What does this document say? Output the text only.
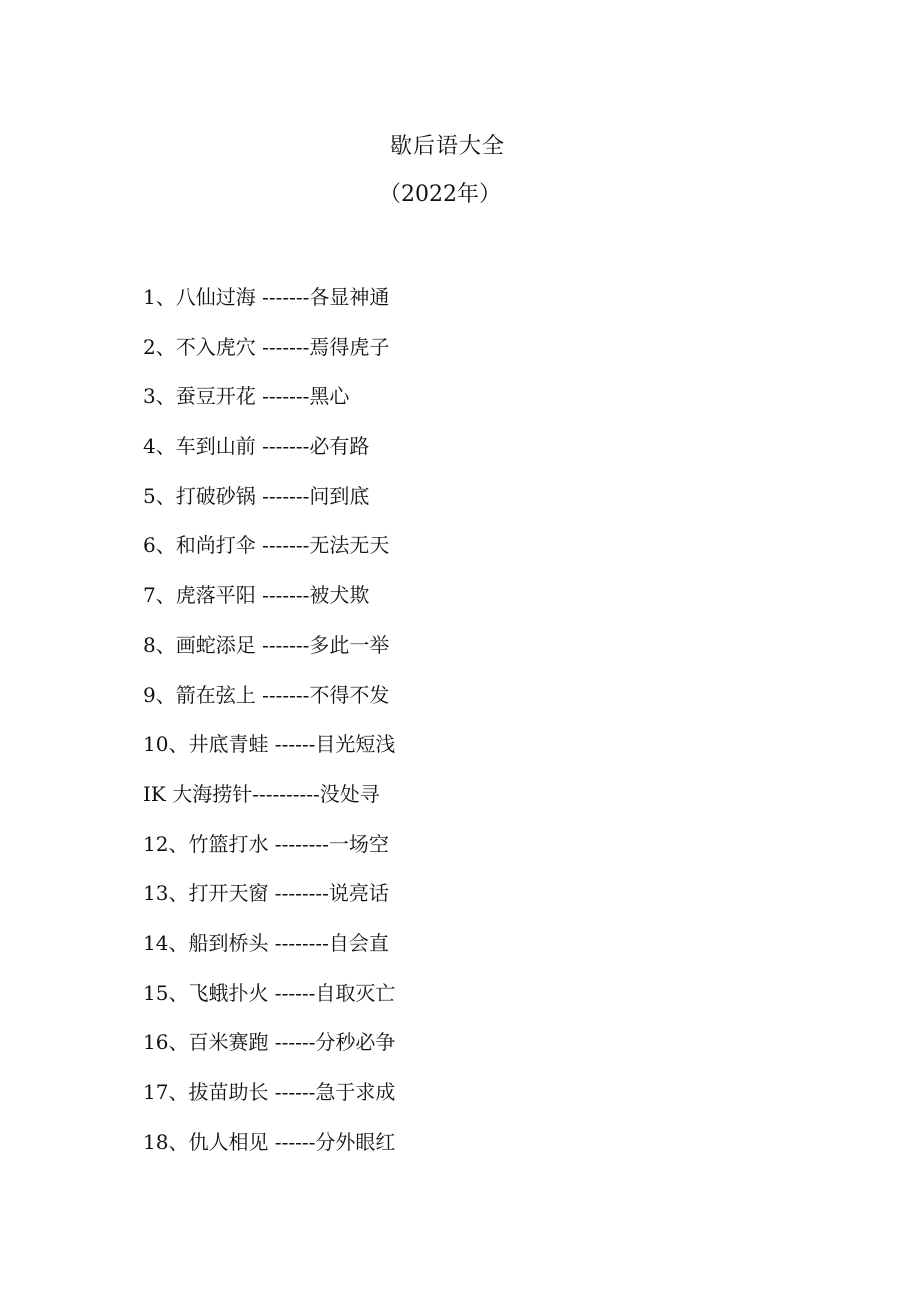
歇后语大全
（2022年）
1、八仙过海 -------各显神通
2、不入虎穴 -------焉得虎子
3、蚕豆开花 -------黑心
4、车到山前 -------必有路
5、打破砂锅 -------问到底
6、和尚打伞 -------无法无天
7、虎落平阳 -------被犬欺
8、画蛇添足 -------多此一举
9、箭在弦上 -------不得不发
10、井底青蛙 ------目光短浅
IK 大海捞针----------没处寻
12、竹篮打水 --------一场空
13、打开天窗 --------说亮话
14、船到桥头 --------自会直
15、飞蛾扑火 ------自取灭亡
16、百米赛跑 ------分秒必争
17、拔苗助长 ------急于求成
18、仇人相见 ------分外眼红
